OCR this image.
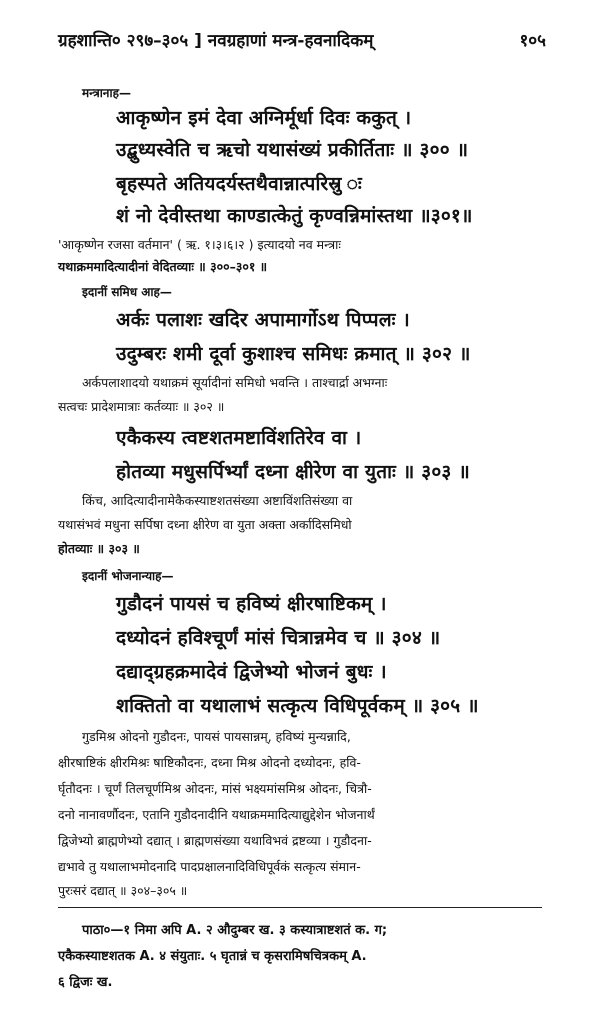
ग्रहशान्ति० २९७–३०५ ] नवग्रहाणां मन्त्र-हवनादिकम्	१०५
मन्त्रानाह—
आकृष्णेन इमं देवा अग्निर्मूर्धा दिवः ककुत् ।
उद्बुध्यस्वेति च ऋचो यथासंख्यं प्रकीर्तिताः ॥ ३०० ॥
बृहस्पते अतियदर्यस्तथैवान्नात्परिस्रु ः
शं नो देवीस्तथा काण्डात्केतुं कृण्वन्निमांस्तथा ॥३०१॥
'आकृष्णेन रजसा वर्तमान' ( ऋ. १।३।६।२ ) इत्यादयो नव मन्त्राः
यथाक्रममादित्यादीनां वेदितव्याः ॥ ३००–३०१ ॥
इदानीं समिध आह—
अर्कः पलाशः खदिर अपामार्गोऽथ पिप्पलः ।
उदुम्बरः शमी दूर्वा कुशाश्च समिधः क्रमात् ॥ ३०२ ॥
अर्कपलाशादयो यथाक्रमं सूर्यादीनां समिधो भवन्ति । ताश्चार्द्रा अभग्नाः
सत्वचः प्रादेशमात्राः कर्तव्याः ॥ ३०२ ॥
एकैकस्य त्वष्टशतमष्टाविंशतिरेव वा ।
होतव्या मधुसर्पिर्भ्यां दध्ना क्षीरेण वा युताः ॥ ३०३ ॥
किंच, आदित्यादीनामेकैकस्याष्टशतसंख्या अष्टाविंशतिसंख्या वा
यथासंभवं मधुना सर्पिषा दध्ना क्षीरेण वा युता अक्ता अर्कादिसमिधो
होतव्याः ॥ ३०३ ॥
इदानीं भोजनान्याह—
गुडौदनं पायसं च हविष्यं क्षीरषाष्टिकम् ।
दध्योदनं हविश्चूर्णं मांसं चित्रान्नमेव च ॥ ३०४ ॥
दद्याद्ग्रहक्रमादेवं द्विजेभ्यो भोजनं बुधः ।
शक्तितो वा यथालाभं सत्कृत्य विधिपूर्वकम् ॥ ३०५ ॥
गुडमिश्र ओदनो गुडौदनः, पायसं पायसान्नम्, हविष्यं मुन्यन्नादि,
क्षीरषाष्टिकं क्षीरमिश्रः षाष्टिकौदनः, दध्ना मिश्र ओदनो दध्योदनः, हवि-
र्घृतौदनः । चूर्णं तिलचूर्णमिश्र ओदनः, मांसं भक्ष्यमांसमिश्र ओदनः, चित्रौ-
दनो नानावर्णौदनः, एतानि गुडौदनादीनि यथाक्रममादित्याद्युद्देशेन भोजनार्थं
द्विजेभ्यो ब्राह्मणेभ्यो दद्यात् । ब्राह्मणसंख्या यथाविभवं द्रष्टव्या । गुडौदना-
द्यभावे तु यथालाभमोदनादि पादप्रक्षालनादिविधिपूर्वकं सत्कृत्य संमान-
पुरःसरं दद्यात् ॥ ३०४–३०५ ॥
पाठा०—१ निमा अपि A. २ औदुम्बर ख. ३ कस्यात्राष्टशतं क. ग;
एकैकस्याष्टशतक A. ४ संयुताः. ५ घृतान्नं च कृसरामिषचित्रकम् A.
६ द्विजः ख.
